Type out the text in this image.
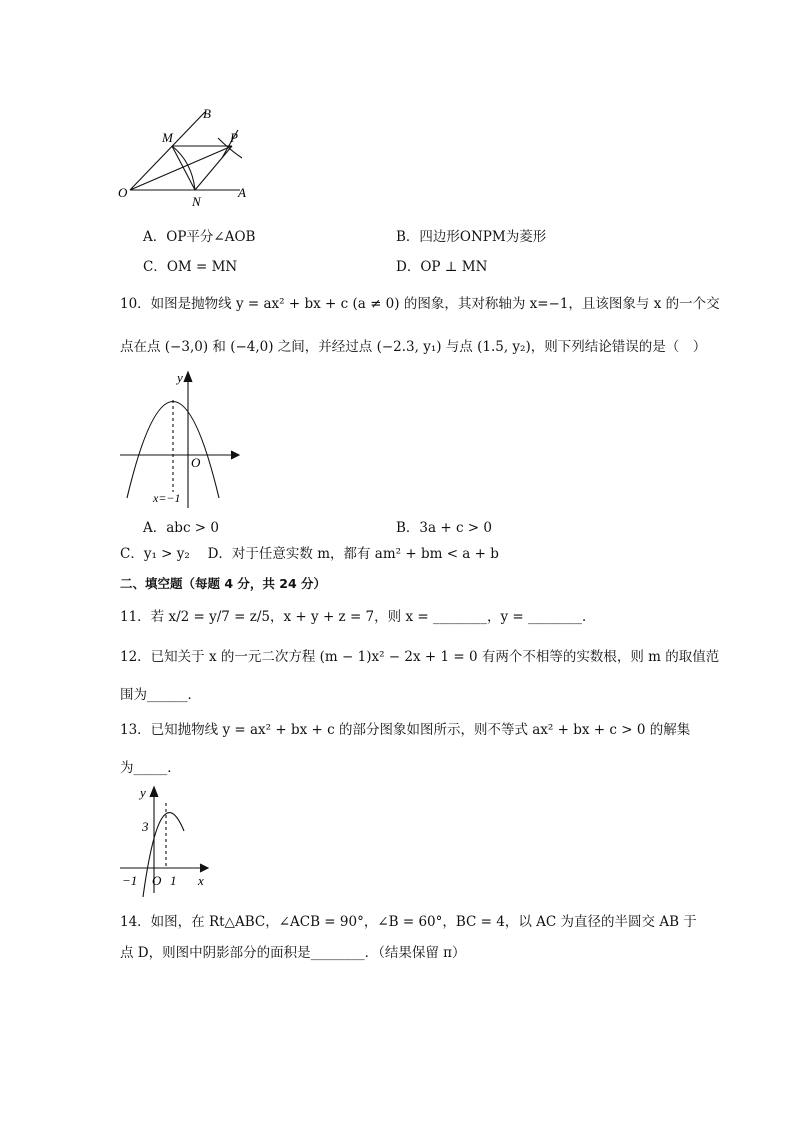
B
M	P
O
N
A
A．OP平分∠AOB	B．四边形ONPM为菱形
C．OM = MN	D．OP ⊥ MN
10．如图是抛物线 y = ax² + bx + c (a ≠ 0) 的图象，其对称轴为 x=−1，且该图象与 x 的一个交
点在点 (−3,0) 和 (−4,0) 之间，并经过点 (−2.3, y₁) 与点 (1.5, y₂)，则下列结论错误的是（　）
y
O
x=−1
A．abc > 0	B．3a + c > 0
C．y₁ > y₂　 D．对于任意实数 m，都有 am² + bm < a + b
二、填空题（每题 4 分，共 24 分）
11．若 x/2 = y/7 = z/5，x + y + z = 7，则 x = ________，y = ________．
12．已知关于 x 的一元二次方程 (m − 1)x² − 2x + 1 = 0 有两个不相等的实数根，则 m 的取值范
围为______．
13．已知抛物线 y = ax² + bx + c 的部分图象如图所示，则不等式 ax² + bx + c > 0 的解集
为_____．
y
3
−1 O 1 x
14．如图，在 Rt△ABC，∠ACB = 90°，∠B = 60°，BC = 4，以 AC 为直径的半圆交 AB 于
点 D，则图中阴影部分的面积是________．（结果保留 π）
